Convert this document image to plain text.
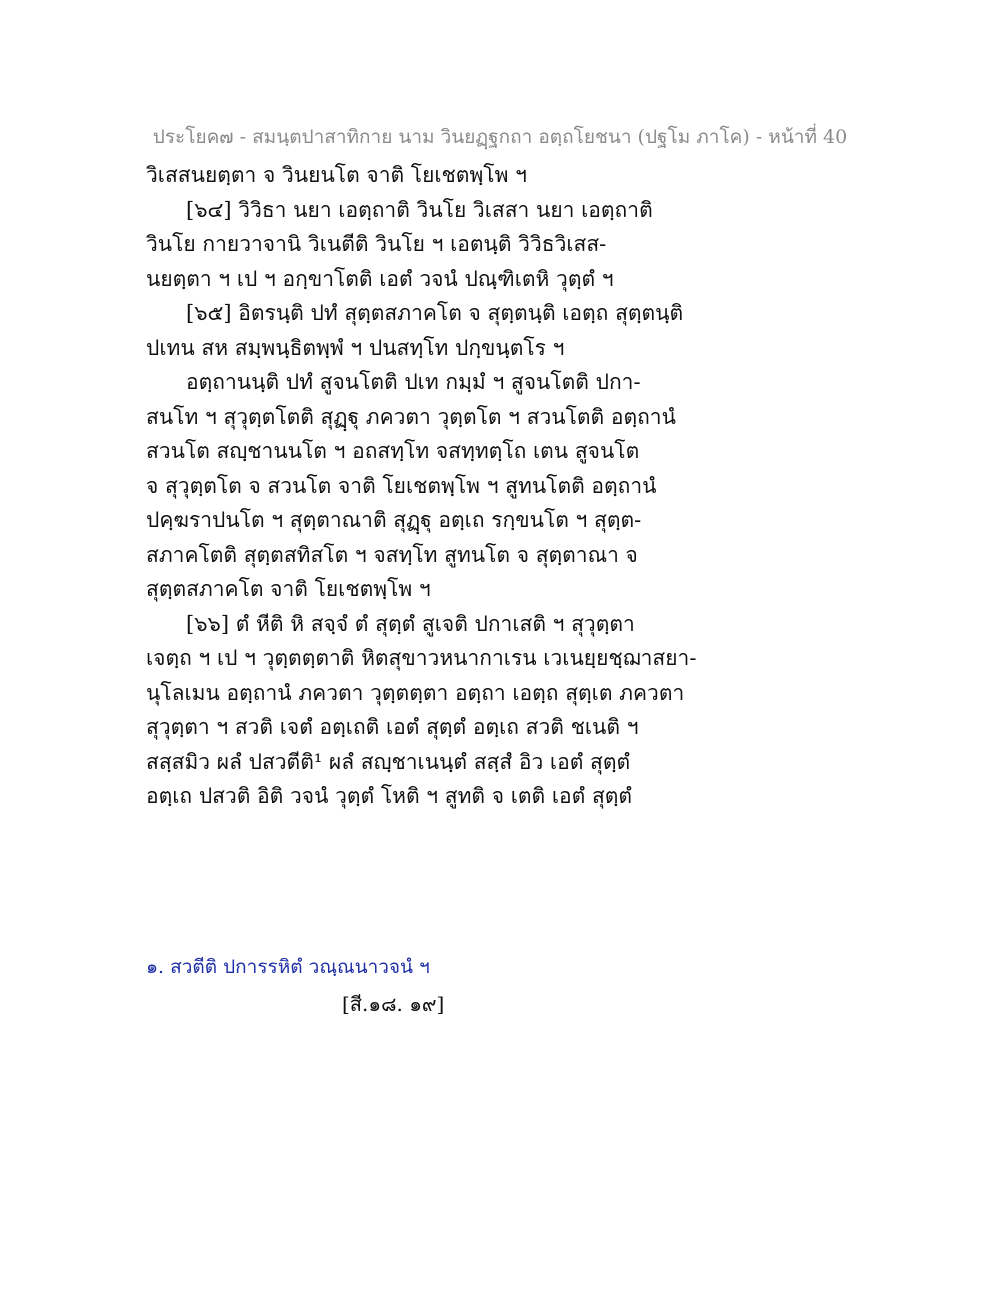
ประโยค๗ - สมนฺตปาสาทิกาย นาม วินยฏฺฐกถา อตฺถโยชนา (ปฐโม ภาโค) - หน้าที่ 40
วิเสสนยตฺตา จ วินยนโต จาติ โยเชตพฺโพ ฯ
[๖๔] วิวิธา นยา เอตฺถาติ วินโย วิเสสา นยา เอตฺถาติ
วินโย กายวาจานิ วิเนตีติ วินโย ฯ เอตนฺติ วิวิธวิเสส-
นยตฺตา ฯ เป ฯ อกฺขาโตติ เอตํ วจนํ ปณฺฑิเตหิ วุตฺตํ ฯ
[๖๕] อิตรนฺติ ปทํ สุตฺตสภาคโต จ สุตฺตนฺติ เอตฺถ สุตฺตนฺติ
ปเทน สห สมฺพนฺธิตพฺพํ ฯ ปนสทฺโท ปกฺขนฺตโร ฯ
อตฺถานนฺติ ปทํ สูจนโตติ ปเท กมฺมํ ฯ สูจนโตติ ปกา-
สนโท ฯ สุวุตฺตโตติ สุฏฺฐุ ภควตา วุตฺตโต ฯ สวนโตติ อตฺถานํ
สวนโต สญฺชานนโต ฯ อถสทฺโท จสทฺทตฺโถ เตน สูจนโต
จ สุวุตฺตโต จ สวนโต จาติ โยเชตพฺโพ ฯ สูทนโตติ อตฺถานํ
ปคฺฆราปนโต ฯ สุตฺตาณาติ สุฏฺฐุ อตฺเถ รกฺขนโต ฯ สุตฺต-
สภาคโตติ สุตฺตสทิสโต ฯ จสทฺโท สูทนโต จ สุตฺตาณา จ
สุตฺตสภาคโต จาติ โยเชตพฺโพ ฯ
[๖๖] ตํ หีติ หิ สจฺจํ ตํ สุตฺตํ สูเจติ ปกาเสติ ฯ สุวุตฺตา
เจตฺถ ฯ เป ฯ วุตฺตตฺตาติ หิตสุขาวหนากาเรน เวเนยฺยชฺฌาสยา-
นุโลเมน อตฺถานํ ภควตา วุตฺตตฺตา อตฺถา เอตฺถ สุตฺเต ภควตา
สุวุตฺตา ฯ สวติ เจตํ อตฺเถติ เอตํ สุตฺตํ อตฺเถ สวติ ชเนติ ฯ
สสฺสมิว ผลํ ปสวตีติ¹ ผลํ สญฺชาเนนฺตํ สสฺสํ อิว เอตํ สุตฺตํ
อตฺเถ ปสวติ อิติ วจนํ วุตฺตํ โหติ ฯ สูทติ จ เตติ เอตํ สุตฺตํ
๑. สวตีติ ปการรหิตํ วณฺณนาวจนํ ฯ
[สี.๑๘. ๑๙]
